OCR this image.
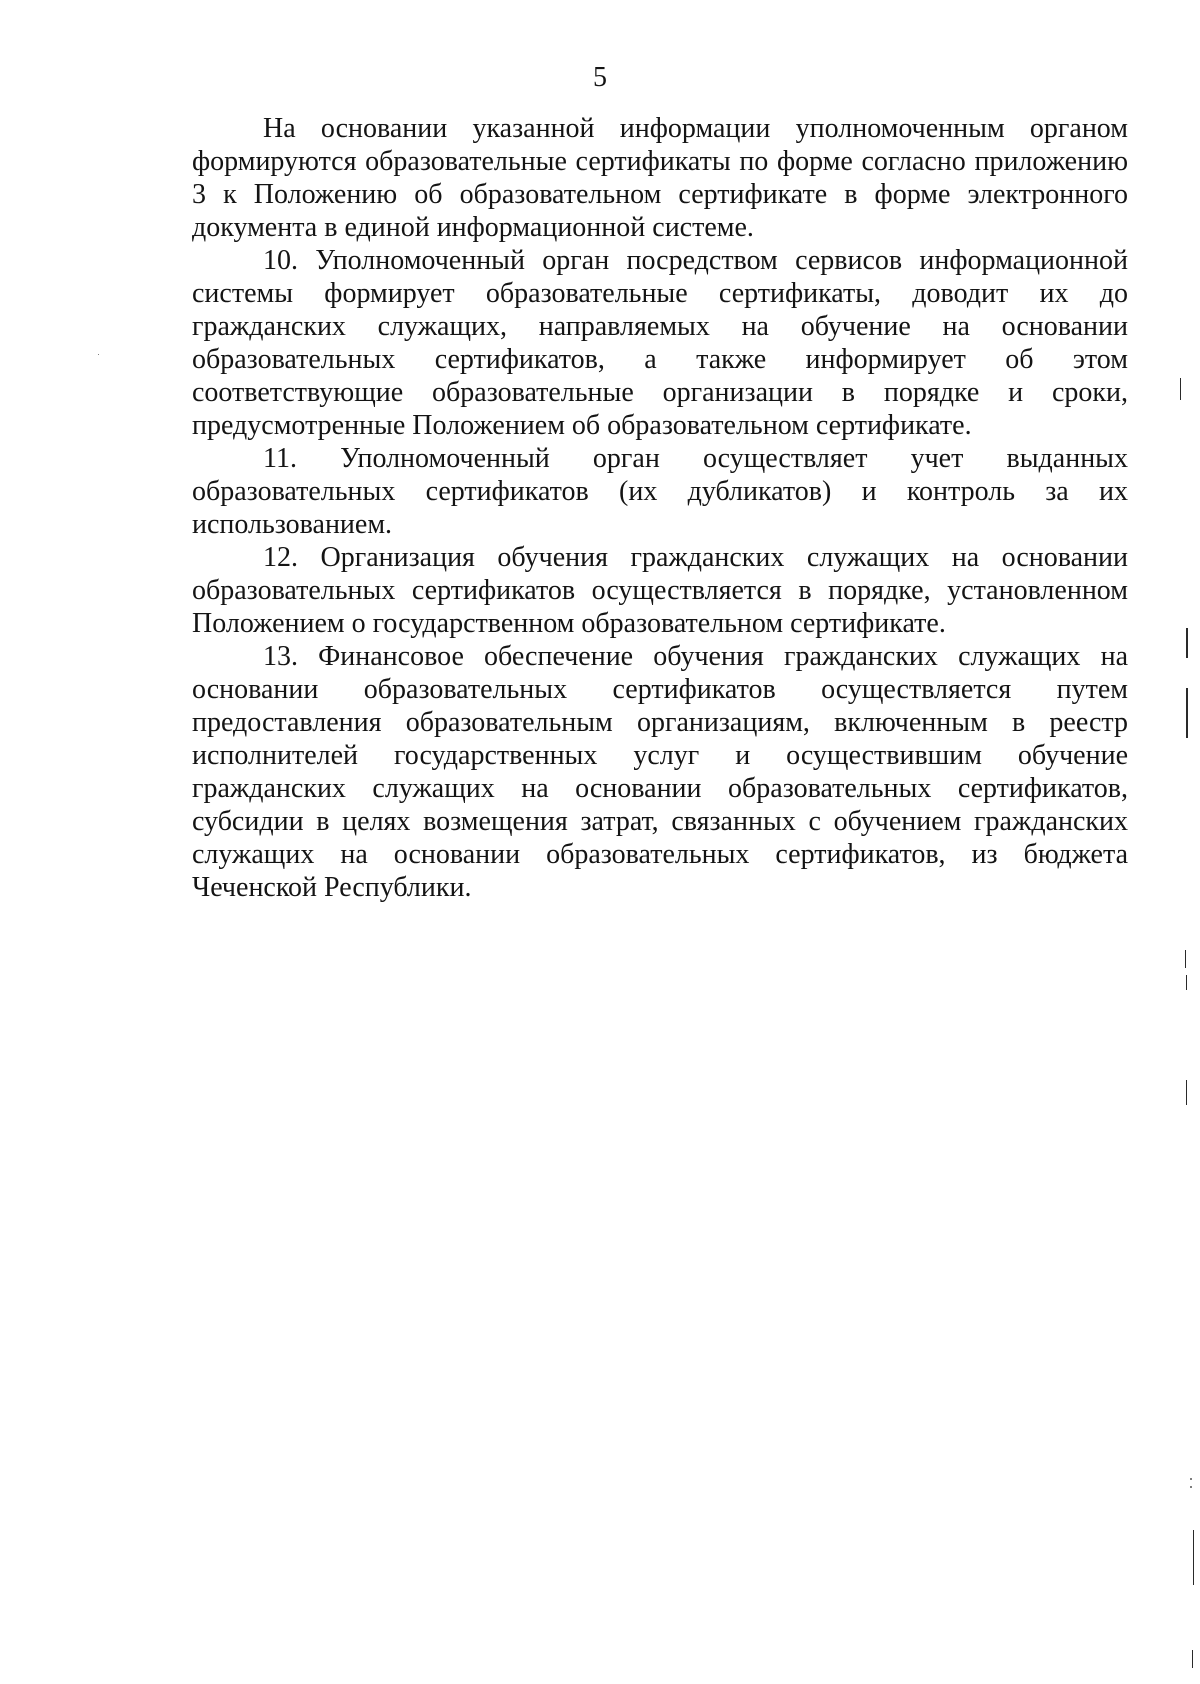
5

На основании указанной информации уполномоченным органом формируются образовательные сертификаты по форме согласно приложению 3 к Положению об образовательном сертификате в форме электронного документа в единой информационной системе.

10. Уполномоченный орган посредством сервисов информационной системы формирует образовательные сертификаты, доводит их до гражданских служащих, направляемых на обучение на основании образовательных сертификатов, а также информирует об этом соответствующие образовательные организации в порядке и сроки, предусмотренные Положением об образовательном сертификате.

11. Уполномоченный орган осуществляет учет выданных образовательных сертификатов (их дубликатов) и контроль за их использованием.

12. Организация обучения гражданских служащих на основании образовательных сертификатов осуществляется в порядке, установленном Положением о государственном образовательном сертификате.

13. Финансовое обеспечение обучения гражданских служащих на основании образовательных сертификатов осуществляется путем предоставления образовательным организациям, включенным в реестр исполнителей государственных услуг и осуществившим обучение гражданских служащих на основании образовательных сертификатов, субсидии в целях возмещения затрат, связанных с обучением гражданских служащих на основании образовательных сертификатов, из бюджета Чеченской Республики.
